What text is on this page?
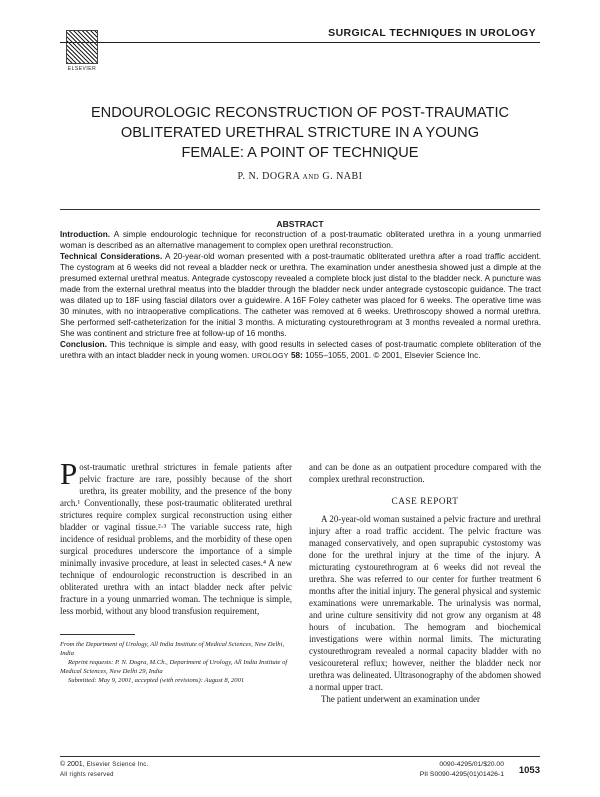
ELSEVIER
SURGICAL TECHNIQUES IN UROLOGY
ENDOUROLOGIC RECONSTRUCTION OF POST-TRAUMATIC
OBLITERATED URETHRAL STRICTURE IN A YOUNG
FEMALE: A POINT OF TECHNIQUE
P. N. DOGRA AND G. NABI
ABSTRACT

Introduction. A simple endourologic technique for reconstruction of a post-traumatic obliterated urethra in a young unmarried woman is described as an alternative management to complex open urethral reconstruction.

Technical Considerations. A 20-year-old woman presented with a post-traumatic obliterated urethra after a road traffic accident. The cystogram at 6 weeks did not reveal a bladder neck or urethra. The examination under anesthesia showed just a dimple at the presumed external urethral meatus. Antegrade cystoscopy revealed a complete block just distal to the bladder neck. A puncture was made from the external urethral meatus into the bladder through the bladder neck under antegrade cystoscopic guidance. The tract was dilated up to 18F using fascial dilators over a guidewire. A 16F Foley catheter was placed for 6 weeks. The operative time was 30 minutes, with no intraoperative complications. The catheter was removed at 6 weeks. Urethroscopy showed a normal urethra. She performed self-catheterization for the initial 3 months. A micturating cystourethrogram at 3 months revealed a normal urethra. She was continent and stricture free at follow-up of 16 months.

Conclusion. This technique is simple and easy, with good results in selected cases of post-traumatic complete obliteration of the urethra with an intact bladder neck in young women. UROLOGY 58: 1055–1055, 2001. © 2001, Elsevier Science Inc.

Post-traumatic urethral strictures in female patients after pelvic fracture are rare, possibly because of the short urethra, its greater mobility, and the presence of the bony arch.¹ Conventionally, these post-traumatic obliterated urethral strictures require complex surgical reconstruction using either bladder or vaginal tissue.²·³ The variable success rate, high incidence of residual problems, and the morbidity of these open surgical procedures underscore the importance of a simple minimally invasive procedure, at least in selected cases.⁴ A new technique of endourologic reconstruction is described in an obliterated urethra with an intact bladder neck after pelvic fracture in a young unmarried woman. The technique is simple, less morbid, without any blood transfusion requirement,

and can be done as an outpatient procedure compared with the complex urethral reconstruction.

CASE REPORT

A 20-year-old woman sustained a pelvic fracture and urethral injury after a road traffic accident. The pelvic fracture was managed conservatively, and open suprapubic cystostomy was done for the urethral injury at the time of the injury. A micturating cystourethrogram at 6 weeks did not reveal the urethra. She was referred to our center for further treatment 6 months after the initial injury. The general physical and systemic examinations were unremarkable. The urinalysis was normal, and urine culture sensitivity did not grow any organism at 48 hours of incubation. The hemogram and biochemical investigations were within normal limits. The micturating cystourethrogram revealed a normal capacity bladder with no vesicoureteral reflux; however, neither the bladder neck nor urethra was delineated. Ultrasonography of the abdomen showed a normal upper tract.

The patient underwent an examination under

From the Department of Urology, All India Institute of Medical Sciences, New Delhi, India

Reprint requests: P. N. Dogra, M.Ch., Department of Urology, All India Institute of Medical Sciences, New Delhi 29, India

Submitted: May 9, 2001, accepted (with revisions): August 8, 2001

© 2001, Elsevier Science Inc.
All rights reserved
0090-4295/01/$20.00
PII S0090-4295(01)01426-1 1053
